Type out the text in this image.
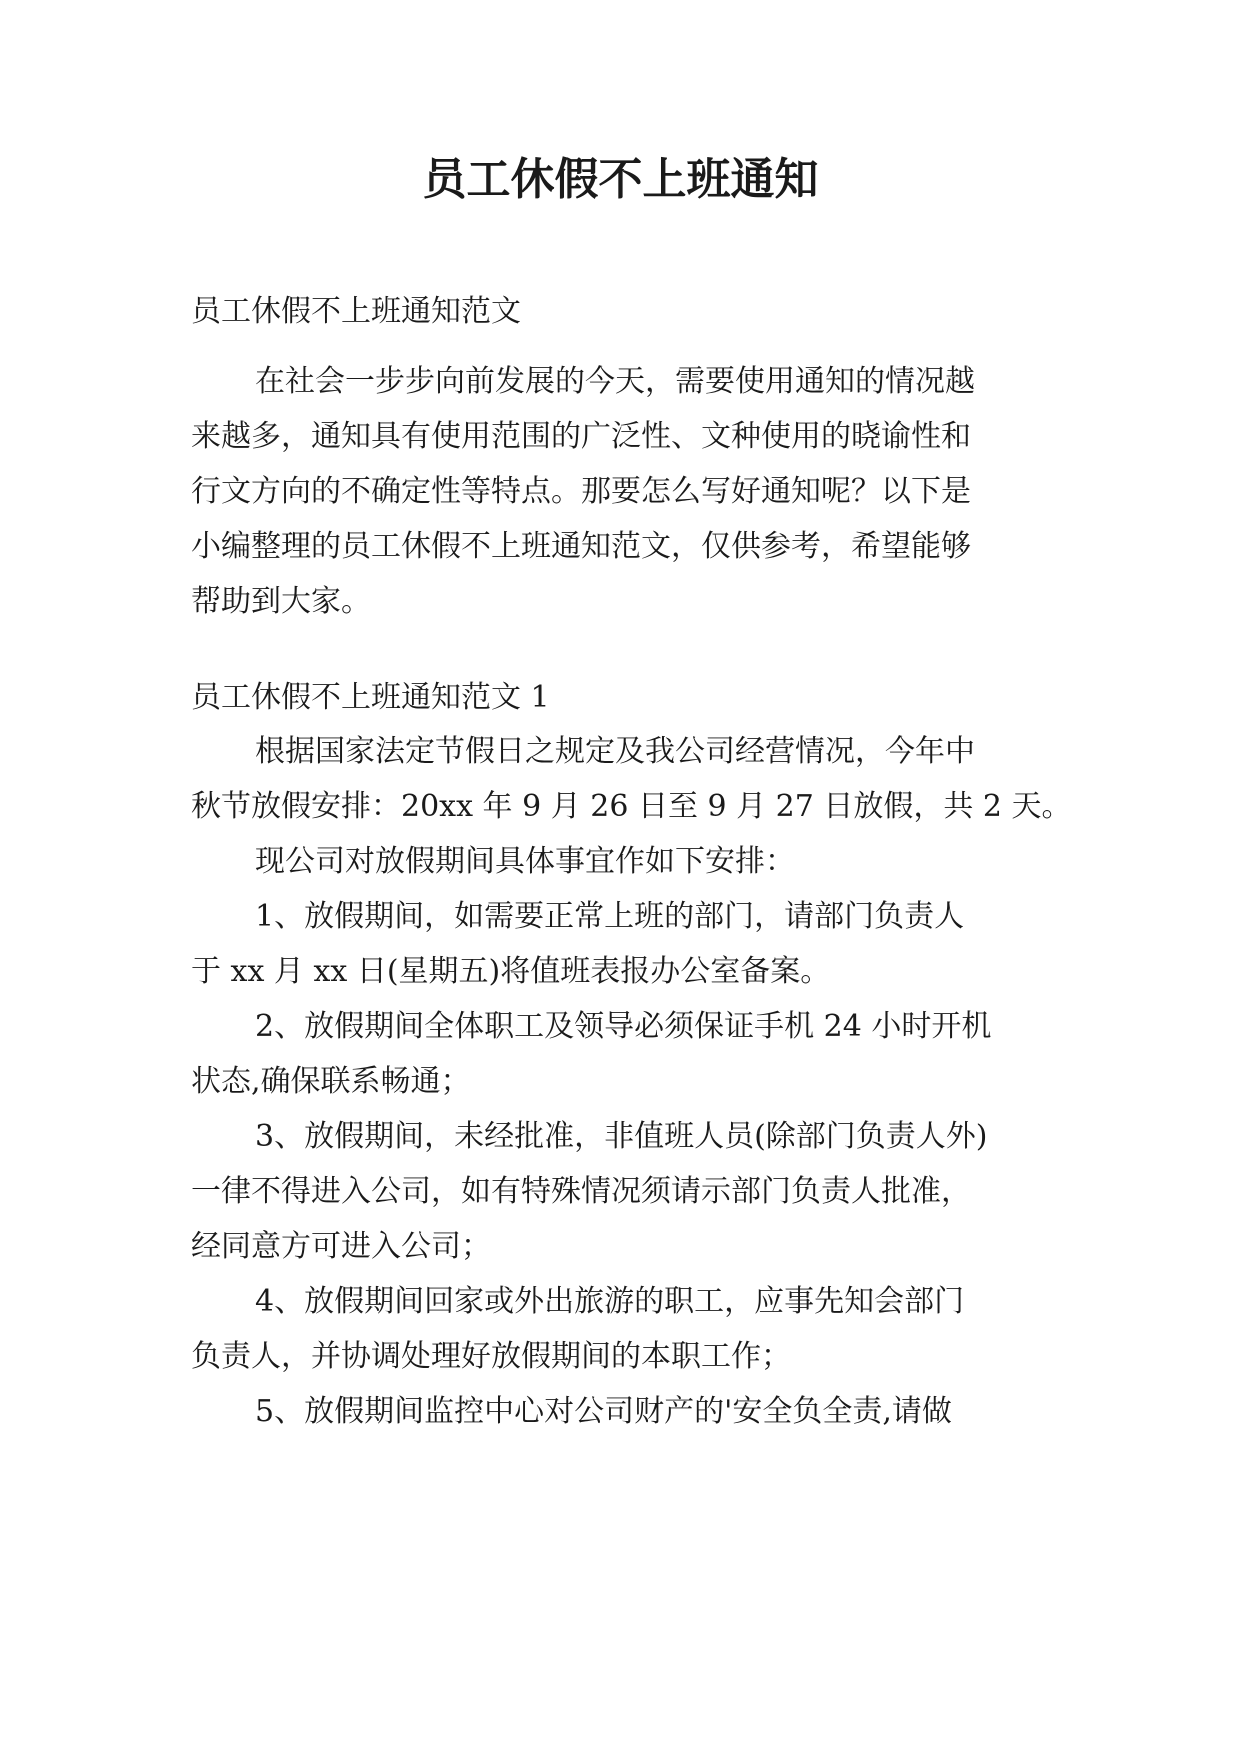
员工休假不上班通知

员工休假不上班通知范文

在社会一步步向前发展的今天，需要使用通知的情况越

来越多，通知具有使用范围的广泛性、文种使用的晓谕性和

行文方向的不确定性等特点。那要怎么写好通知呢？以下是

小编整理的员工休假不上班通知范文，仅供参考，希望能够

帮助到大家。

员工休假不上班通知范文 1

根据国家法定节假日之规定及我公司经营情况，今年中

秋节放假安排：20xx 年 9 月 26 日至 9 月 27 日放假，共 2 天。

现公司对放假期间具体事宜作如下安排：

1、放假期间，如需要正常上班的部门，请部门负责人

于 xx 月 xx 日(星期五)将值班表报办公室备案。

2、放假期间全体职工及领导必须保证手机 24 小时开机

状态,确保联系畅通；

3、放假期间，未经批准，非值班人员(除部门负责人外)

一律不得进入公司，如有特殊情况须请示部门负责人批准，

经同意方可进入公司；

4、放假期间回家或外出旅游的职工，应事先知会部门

负责人，并协调处理好放假期间的本职工作；

5、放假期间监控中心对公司财产的'安全负全责,请做
